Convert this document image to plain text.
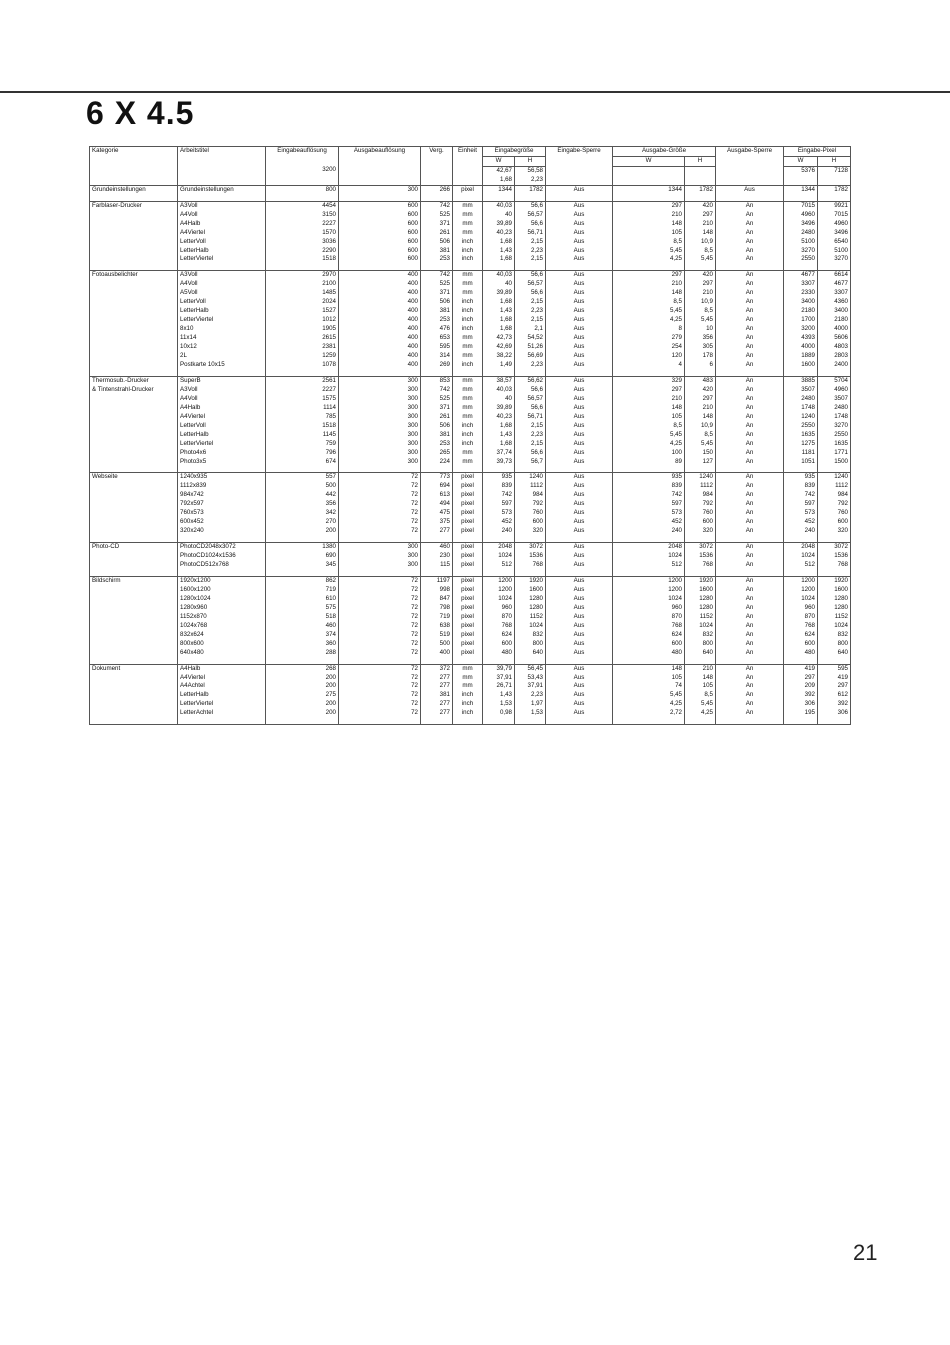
6 X 4.5
Kategorie	Arbeitstitel	Eingabeauflösung	Ausgabeauflösung	Verg.	Einheit	Eingabegröße		Eingabe-Sperre	Ausgabe-Größe		Ausgabe-Sperre	Eingabe-Pixel	
						W	H		W	H		W	H
		3200				42,67	56,58					5376	7128
						1,68	2,23						
Grundeinstellungen	Grundeinstellungen	800	300	266	pixel	1344	1782	Aus	1344	1782	Aus	1344	1782

Farblaser-Drucker	A3Voll	4454	600	742	mm	40,03	56,6	Aus	297	420	An	7015	9921
	A4Voll	3150	600	525	mm	40	56,57	Aus	210	297	An	4960	7015
	A4Halb	2227	600	371	mm	39,89	56,6	Aus	148	210	An	3496	4960
	A4Viertel	1570	600	261	mm	40,23	56,71	Aus	105	148	An	2480	3496
	LetterVoll	3036	600	506	inch	1,68	2,15	Aus	8,5	10,9	An	5100	6540
	LetterHalb	2290	600	381	inch	1,43	2,23	Aus	5,45	8,5	An	3270	5100
	LetterViertel	1518	600	253	inch	1,68	2,15	Aus	4,25	5,45	An	2550	3270

Fotoausbelichter	A3Voll	2970	400	742	mm	40,03	56,6	Aus	297	420	An	4677	6614
	A4Voll	2100	400	525	mm	40	56,57	Aus	210	297	An	3307	4677
	A5Voll	1485	400	371	mm	39,89	56,6	Aus	148	210	An	2330	3307
	LetterVoll	2024	400	506	inch	1,68	2,15	Aus	8,5	10,9	An	3400	4360
	LetterHalb	1527	400	381	inch	1,43	2,23	Aus	5,45	8,5	An	2180	3400
	LetterViertel	1012	400	253	inch	1,68	2,15	Aus	4,25	5,45	An	1700	2180
	8x10	1905	400	476	inch	1,68	2,1	Aus	8	10	An	3200	4000
	11x14	2615	400	653	mm	42,73	54,52	Aus	279	356	An	4393	5606
	10x12	2381	400	595	mm	42,69	51,26	Aus	254	305	An	4000	4803
	2L	1259	400	314	mm	38,22	56,69	Aus	120	178	An	1889	2803
	Postkarte 10x15	1078	400	269	inch	1,49	2,23	Aus	4	6	An	1600	2400

Thermosub.-Drucker	SuperB	2561	300	853	mm	38,57	56,62	Aus	329	483	An	3885	5704
& Tintenstrahl-Drucker	A3Voll	2227	300	742	mm	40,03	56,6	Aus	297	420	An	3507	4960
	A4Voll	1575	300	525	mm	40	56,57	Aus	210	297	An	2480	3507
	A4Halb	1114	300	371	mm	39,89	56,6	Aus	148	210	An	1748	2480
	A4Viertel	785	300	261	mm	40,23	56,71	Aus	105	148	An	1240	1748
	LetterVoll	1518	300	506	inch	1,68	2,15	Aus	8,5	10,9	An	2550	3270
	LetterHalb	1145	300	381	inch	1,43	2,23	Aus	5,45	8,5	An	1635	2550
	LetterViertel	759	300	253	inch	1,68	2,15	Aus	4,25	5,45	An	1275	1635
	Photo4x6	796	300	265	mm	37,74	56,6	Aus	100	150	An	1181	1771
	Photo3x5	674	300	224	mm	39,73	56,7	Aus	89	127	An	1051	1500

Webseite	1240x935	557	72	773	pixel	935	1240	Aus	935	1240	An	935	1240
	1112x839	500	72	694	pixel	839	1112	Aus	839	1112	An	839	1112
	984x742	442	72	613	pixel	742	984	Aus	742	984	An	742	984
	792x597	356	72	494	pixel	597	792	Aus	597	792	An	597	792
	760x573	342	72	475	pixel	573	760	Aus	573	760	An	573	760
	600x452	270	72	375	pixel	452	600	Aus	452	600	An	452	600
	320x240	200	72	277	pixel	240	320	Aus	240	320	An	240	320

Photo-CD	PhotoCD2048x3072	1380	300	460	pixel	2048	3072	Aus	2048	3072	An	2048	3072
	PhotoCD1024x1536	690	300	230	pixel	1024	1536	Aus	1024	1536	An	1024	1536
	PhotoCD512x768	345	300	115	pixel	512	768	Aus	512	768	An	512	768

Bildschirm	1920x1200	862	72	1197	pixel	1200	1920	Aus	1200	1920	An	1200	1920
	1600x1200	719	72	998	pixel	1200	1600	Aus	1200	1600	An	1200	1600
	1280x1024	610	72	847	pixel	1024	1280	Aus	1024	1280	An	1024	1280
	1280x960	575	72	798	pixel	960	1280	Aus	960	1280	An	960	1280
	1152x870	518	72	719	pixel	870	1152	Aus	870	1152	An	870	1152
	1024x768	460	72	638	pixel	768	1024	Aus	768	1024	An	768	1024
	832x624	374	72	519	pixel	624	832	Aus	624	832	An	624	832
	800x600	360	72	500	pixel	600	800	Aus	600	800	An	600	800
	640x480	288	72	400	pixel	480	640	Aus	480	640	An	480	640

Dokument	A4Halb	268	72	372	mm	39,79	56,45	Aus	148	210	An	419	595
	A4Viertel	200	72	277	mm	37,91	53,43	Aus	105	148	An	297	419
	A4Achtel	200	72	277	mm	26,71	37,91	Aus	74	105	An	209	297
	LetterHalb	275	72	381	inch	1,43	2,23	Aus	5,45	8,5	An	392	612
	LetterViertel	200	72	277	inch	1,53	1,97	Aus	4,25	5,45	An	306	392
	LetterAchtel	200	72	277	inch	0,98	1,53	Aus	2,72	4,25	An	195	306

21
